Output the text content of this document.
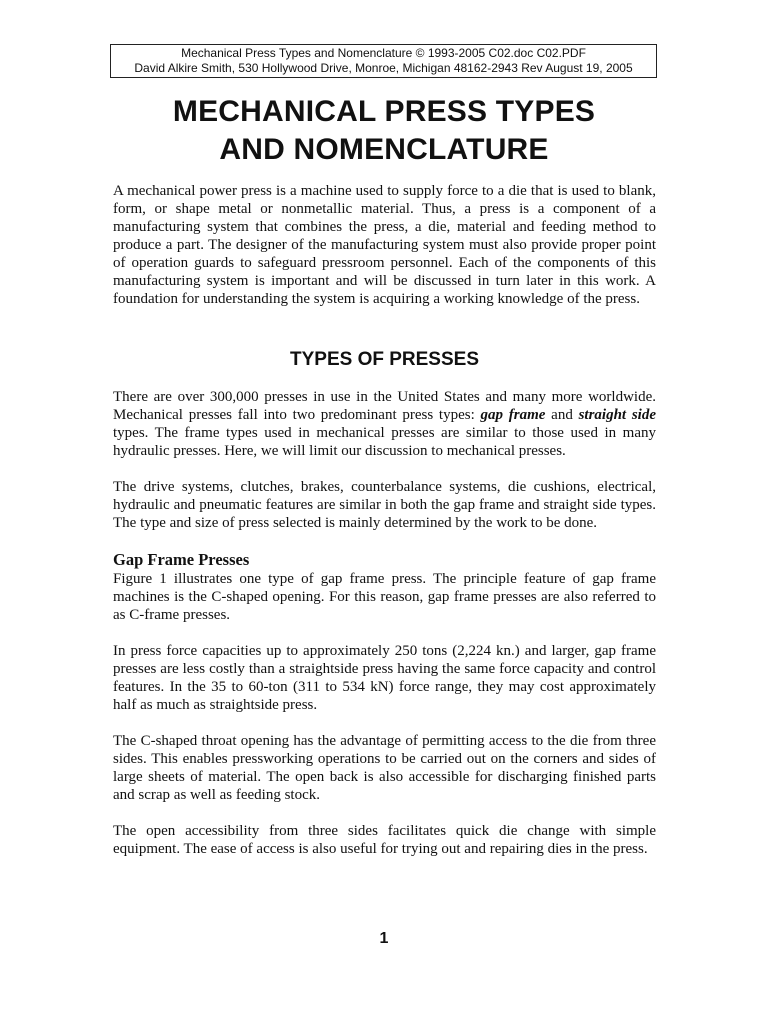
Mechanical Press Types and Nomenclature © 1993-2005 C02.doc C02.PDF
David Alkire Smith, 530 Hollywood Drive, Monroe, Michigan 48162-2943 Rev August 19, 2005
MECHANICAL PRESS TYPES
AND NOMENCLATURE

A mechanical power press is a machine used to supply force to a die that is used to blank, form, or shape metal or nonmetallic material. Thus, a press is a component of a manufacturing system that combines the press, a die, material and feeding method to produce a part. The designer of the manufacturing system must also provide proper point of operation guards to safeguard pressroom personnel. Each of the components of this manufacturing system is important and will be discussed in turn later in this work. A foundation for understanding the system is acquiring a working knowledge of the press.

TYPES OF PRESSES

There are over 300,000 presses in use in the United States and many more worldwide. Mechanical presses fall into two predominant press types: gap frame and straight side types. The frame types used in mechanical presses are similar to those used in many hydraulic presses. Here, we will limit our discussion to mechanical presses.

The drive systems, clutches, brakes, counterbalance systems, die cushions, electrical, hydraulic and pneumatic features are similar in both the gap frame and straight side types. The type and size of press selected is mainly determined by the work to be done.

Gap Frame Presses

Figure 1 illustrates one type of gap frame press. The principle feature of gap frame machines is the C-shaped opening. For this reason, gap frame presses are also referred to as C-frame presses.

In press force capacities up to approximately 250 tons (2,224 kn.) and larger, gap frame presses are less costly than a straightside press having the same force capacity and control features. In the 35 to 60-ton (311 to 534 kN) force range, they may cost approximately half as much as straightside press.

The C-shaped throat opening has the advantage of permitting access to the die from three sides. This enables pressworking operations to be carried out on the corners and sides of large sheets of material. The open back is also accessible for discharging finished parts and scrap as well as feeding stock.

The open accessibility from three sides facilitates quick die change with simple equipment. The ease of access is also useful for trying out and repairing dies in the press.

1
